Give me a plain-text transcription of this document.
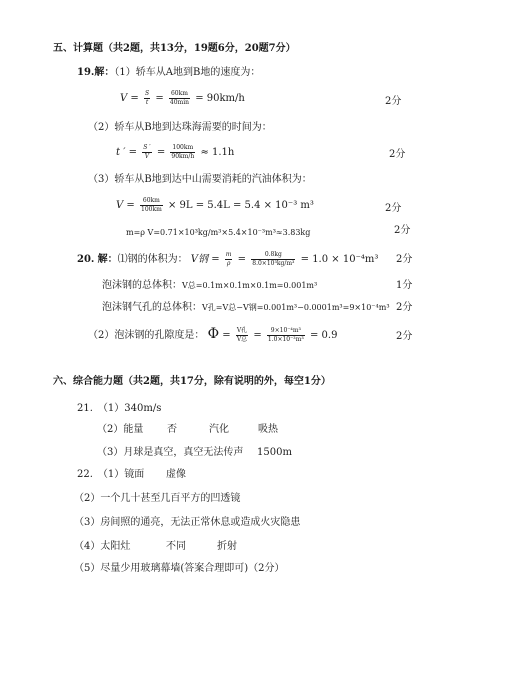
五、计算题（共2题，共13分，19题6分，20题7分）
19.解：（1）轿车从A地到B地的速度为：
$V = \frac{S}{t} = \frac{60km}{40\min} = 90km/h$	2分
（2）轿车从B地到达珠海需要的时间为：
t ′ = $\frac{S '}{V} = \frac{100km}{90km/h} \approx 1.1h$	2分
（3）轿车从B地到达中山需要消耗的汽油体积为：
$V = \frac{60km}{100km} \times 9L = 5.4L = 5.4 \times 10^{-3}$ m³	2分
m=ρ V=0.71×10³kg/m³×5.4×10⁻³m³≈3.83kg	2分
20. 解：⑴钢的体积为： V钢 = $\frac{m}{\rho} = \frac{0.8kg}{\text{8.0×10³kg/m³}} = 1.0 \times 10^{-4}m^3$ 2分
泡沫钢的总体积：V总=0.1m×0.1m×0.1m=0.001m³	1分
泡沫钢气孔的总体积：V孔=V总−V钢=0.001m³−0.0001m³=9×10⁻⁴m³ 2分
（2）泡沫钢的孔隙度是： $\Phi = \frac{\text{V孔}}{\text{V总}} = \frac{\text{9×10⁻⁴m³}}{\text{1.0×10⁻³m³}} = 0.9$	2分
六、综合能力题（共2题，共17分，除有说明的外，每空1分）
21.　（1）340m/s
（2）能量 否	汽化	吸热
（3）月球是真空，真空无法传声 1500m
22.　（1）镜面 虚像
（2）一个几十甚至几百平方的凹透镜
（3）房间照的通亮，无法正常休息或造成火灾隐患
（4）太阳灶	不同	折射
（5）尽量少用玻璃幕墙(答案合理即可)（2分）
